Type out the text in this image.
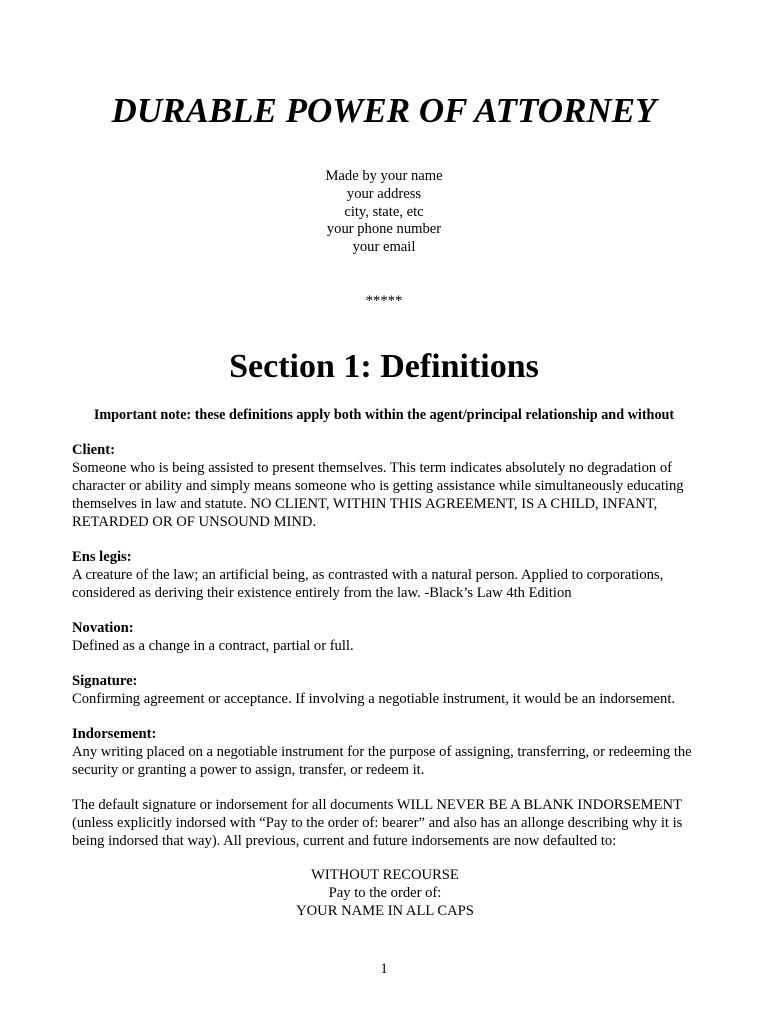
DURABLE POWER OF ATTORNEY
Made by your name
your address
city, state, etc
your phone number
your email
*****
Section 1: Definitions
Important note: these definitions apply both within the agent/principal relationship and without
Client:
Someone who is being assisted to present themselves. This term indicates absolutely no degradation of character or ability and simply means someone who is getting assistance while simultaneously educating themselves in law and statute. NO CLIENT, WITHIN THIS AGREEMENT, IS A CHILD, INFANT, RETARDED OR OF UNSOUND MIND.
Ens legis:
A creature of the law; an artificial being, as contrasted with a natural person. Applied to corporations, considered as deriving their existence entirely from the law. -Black’s Law 4th Edition
Novation:
Defined as a change in a contract, partial or full.
Signature:
Confirming agreement or acceptance. If involving a negotiable instrument, it would be an indorsement.
Indorsement:
Any writing placed on a negotiable instrument for the purpose of assigning, transferring, or redeeming the security or granting a power to assign, transfer, or redeem it.
The default signature or indorsement for all documents WILL NEVER BE A BLANK INDORSEMENT (unless explicitly indorsed with “Pay to the order of: bearer” and also has an allonge describing why it is being indorsed that way). All previous, current and future indorsements are now defaulted to:
WITHOUT RECOURSE
Pay to the order of:
YOUR NAME IN ALL CAPS
1
